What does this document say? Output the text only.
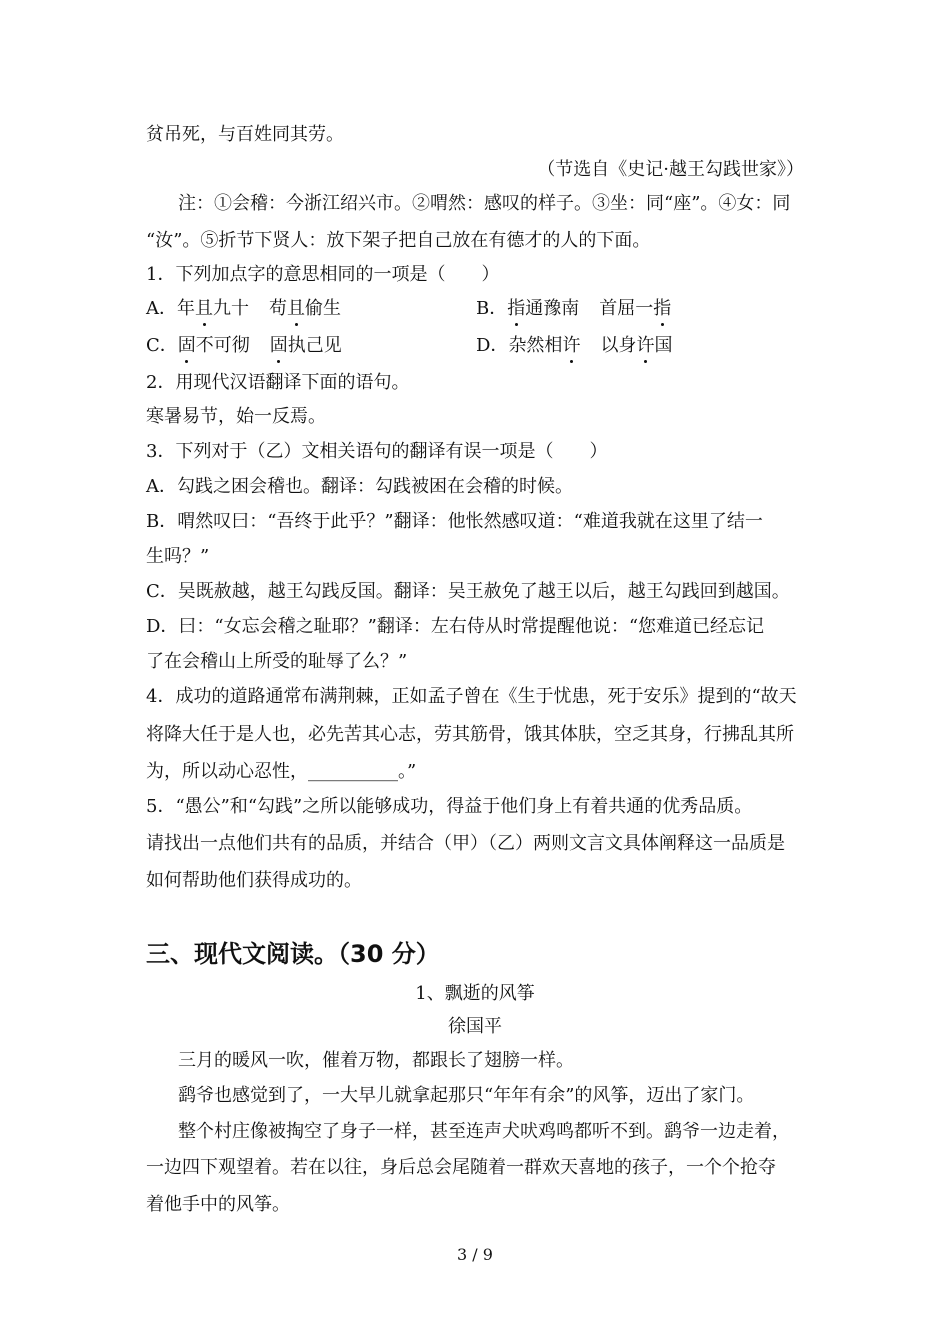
贫吊死，与百姓同其劳。
（节选自《史记·越王勾践世家》）
注：①会稽：今浙江绍兴市。②喟然：感叹的样子。③坐：同“座”。④女：同
“汝”。⑤折节下贤人：放下架子把自己放在有德才的人的下面。
1．下列加点字的意思相同的一项是（　　）
A．年且九十 苟且偷生	B．指通豫南 首屈一指
C．固不可彻 固执己见	D．杂然相许 以身许国
2．用现代汉语翻译下面的语句。
寒暑易节，始一反焉。
3．下列对于（乙）文相关语句的翻译有误一项是（　　）
A．勾践之困会稽也。翻译：勾践被困在会稽的时候。
B．喟然叹曰：“吾终于此乎？”翻译：他怅然感叹道：“难道我就在这里了结一
生吗？”
C．吴既赦越，越王勾践反国。翻译：吴王赦免了越王以后，越王勾践回到越国。
D．曰：“女忘会稽之耻耶？”翻译：左右侍从时常提醒他说：“您难道已经忘记
了在会稽山上所受的耻辱了么？”
4．成功的道路通常布满荆棘，正如孟子曾在《生于忧患，死于安乐》提到的“故天
将降大任于是人也，必先苦其心志，劳其筋骨，饿其体肤，空乏其身，行拂乱其所
为，所以动心忍性，__________。”
5．“愚公”和“勾践”之所以能够成功，得益于他们身上有着共通的优秀品质。
请找出一点他们共有的品质，并结合（甲）（乙）两则文言文具体阐释这一品质是
如何帮助他们获得成功的。
三、现代文阅读。（30 分）
1、飘逝的风筝
徐国平
三月的暖风一吹，催着万物，都跟长了翅膀一样。
鹞爷也感觉到了，一大早儿就拿起那只“年年有余”的风筝，迈出了家门。
整个村庄像被掏空了身子一样，甚至连声犬吠鸡鸣都听不到。鹞爷一边走着，
一边四下观望着。若在以往，身后总会尾随着一群欢天喜地的孩子，一个个抢夺
着他手中的风筝。
3 / 9
